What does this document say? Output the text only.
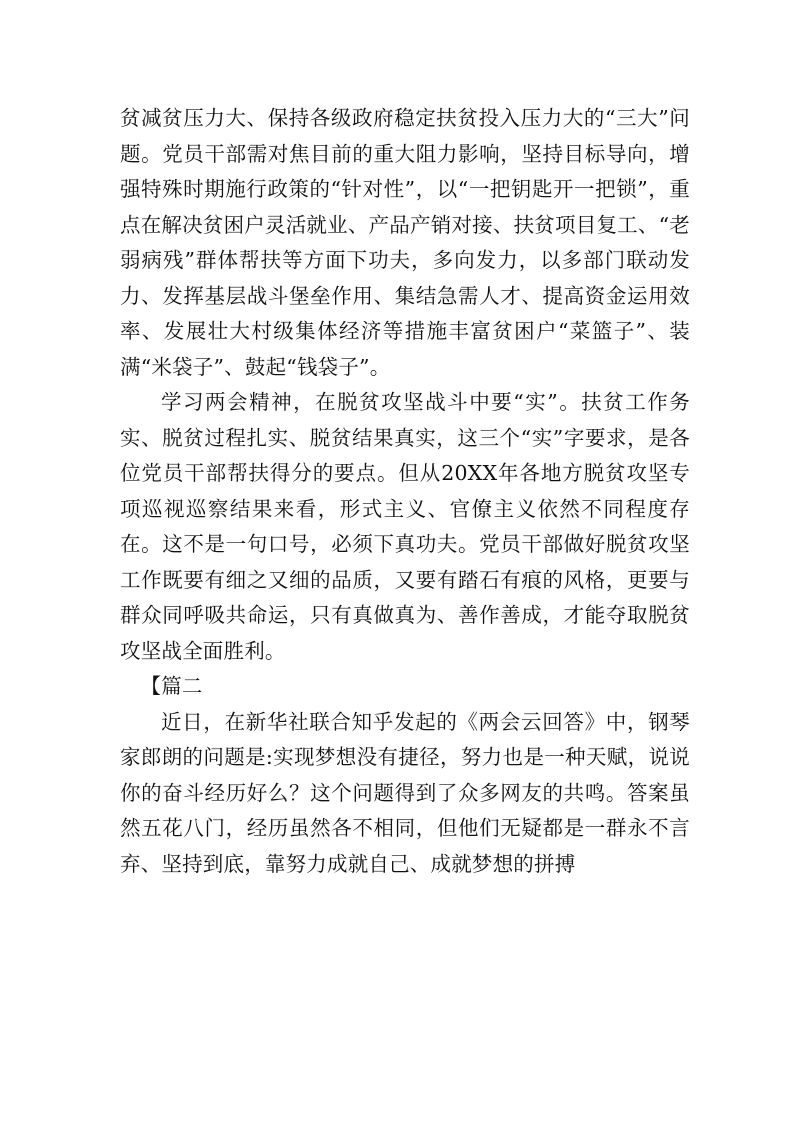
贫减贫压力大、保持各级政府稳定扶贫投入压力大的“三大”问题。党员干部需对焦目前的重大阻力影响，坚持目标导向，增强特殊时期施行政策的“针对性”，以“一把钥匙开一把锁”，重点在解决贫困户灵活就业、产品产销对接、扶贫项目复工、“老弱病残”群体帮扶等方面下功夫，多向发力，以多部门联动发力、发挥基层战斗堡垒作用、集结急需人才、提高资金运用效率、发展壮大村级集体经济等措施丰富贫困户“菜篮子”、装满“米袋子”、鼓起“钱袋子”。

学习两会精神，在脱贫攻坚战斗中要“实”。扶贫工作务实、脱贫过程扎实、脱贫结果真实，这三个“实”字要求，是各位党员干部帮扶得分的要点。但从20XX年各地方脱贫攻坚专项巡视巡察结果来看，形式主义、官僚主义依然不同程度存在。这不是一句口号，必须下真功夫。党员干部做好脱贫攻坚工作既要有细之又细的品质，又要有踏石有痕的风格，更要与群众同呼吸共命运，只有真做真为、善作善成，才能夺取脱贫攻坚战全面胜利。

【篇二

近日，在新华社联合知乎发起的《两会云回答》中，钢琴家郎朗的问题是:实现梦想没有捷径，努力也是一种天赋，说说你的奋斗经历好么？这个问题得到了众多网友的共鸣。答案虽然五花八门，经历虽然各不相同，但他们无疑都是一群永不言弃、坚持到底，靠努力成就自己、成就梦想的拼搏
